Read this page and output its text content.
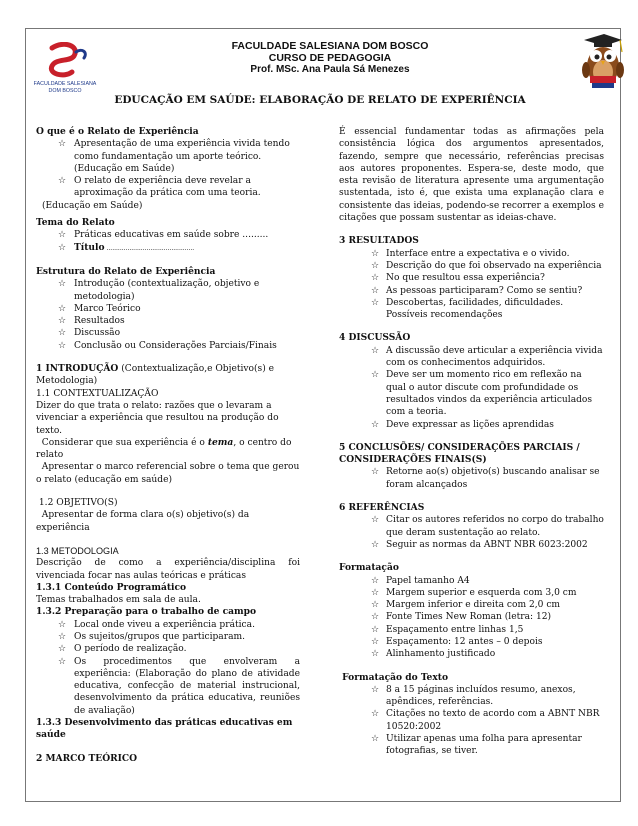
FACULDADE SALESIANA
DOM BOSCO
FACULDADE SALESIANA DOM BOSCO
CURSO DE PEDAGOGIA
Prof. MSc. Ana Paula Sá Menezes
EDUCAÇÃO EM SAÚDE: ELABORAÇÃO DE RELATO DE EXPERIÊNCIA
O que é o Relato de Experiência
☆ Apresentação de uma experiência vivida tendo como fundamentação um aporte teórico. (Educação em Saúde)
☆ O relato de experiência deve revelar a aproximação da prática com uma teoria.
(Educação em Saúde)
Tema do Relato
☆ Práticas educativas em saúde sobre .........
☆ Título ..............................................
Estrutura do Relato de Experiência
☆ Introdução (contextualização, objetivo e metodologia)
☆ Marco Teórico
☆ Resultados
☆ Discussão
☆ Conclusão ou Considerações Parciais/Finais
1 INTRODUÇÃO (Contextualização,e Objetivo(s) e Metodologia)
1.1 CONTEXTUALIZAÇÃO
Dizer do que trata o relato: razões que o levaram a vivenciar a experiência que resultou na produção do texto.
Considerar que sua experiência é o tema, o centro do relato
Apresentar o marco referencial sobre o tema que gerou o relato (educação em saúde)
1.2 OBJETIVO(S)
Apresentar de forma clara o(s) objetivo(s) da experiência
1.3 METODOLOGIA
Descrição de como a experiência/disciplina foi vivenciada focar nas aulas teóricas e práticas
1.3.1 Conteúdo Programático
Temas trabalhados em sala de aula.
1.3.2 Preparação para o trabalho de campo
☆ Local onde viveu a experiência prática.
☆ Os sujeitos/grupos que participaram.
☆ O período de realização.
☆ Os procedimentos que envolveram a experiência: (Elaboração do plano de atividade educativa, confecção de material instrucional, desenvolvimento da prática educativa, reuniões de avaliação)
1.3.3 Desenvolvimento das práticas educativas em saúde
2 MARCO TEÓRICO
É essencial fundamentar todas as afirmações pela consistência lógica dos argumentos apresentados, fazendo, sempre que necessário, referências precisas aos autores proponentes. Espera-se, deste modo, que esta revisão de literatura apresente uma argumentação sustentada, isto é, que exista uma explanação clara e consistente das ideias, podendo-se recorrer a exemplos e citações que possam sustentar as ideias-chave.
3 RESULTADOS
☆ Interface entre a expectativa e o vivido.
☆ Descrição do que foi observado na experiência
☆ No que resultou essa experiência?
☆ As pessoas participaram? Como se sentiu?
☆ Descobertas, facilidades, dificuldades. Possíveis recomendações
4 DISCUSSÃO
☆ A discussão deve articular a experiência vivida com os conhecimentos adquiridos.
☆ Deve ser um momento rico em reflexão na qual o autor discute com profundidade os resultados vindos da experiência articulados com a teoria.
☆ Deve expressar as lições aprendidas
5 CONCLUSÕES/ CONSIDERAÇÕES PARCIAIS / CONSIDERAÇÕES FINAIS(S)
☆ Retorne ao(s) objetivo(s) buscando analisar se foram alcançados
6 REFERÊNCIAS
☆ Citar os autores referidos no corpo do trabalho que deram sustentação ao relato.
☆ Seguir as normas da ABNT NBR 6023:2002
Formatação
☆ Papel tamanho A4
☆ Margem superior e esquerda com 3,0 cm
☆ Margem inferior e direita com 2,0 cm
☆ Fonte Times New Roman (letra: 12)
☆ Espaçamento entre linhas 1,5
☆ Espaçamento: 12 antes – 0 depois
☆ Alinhamento justificado
Formatação do Texto
☆ 8 a 15 páginas incluídos resumo, anexos, apêndices, referências.
☆ Citações no texto de acordo com a ABNT NBR 10520:2002
☆ Utilizar apenas uma folha para apresentar fotografias, se tiver.
